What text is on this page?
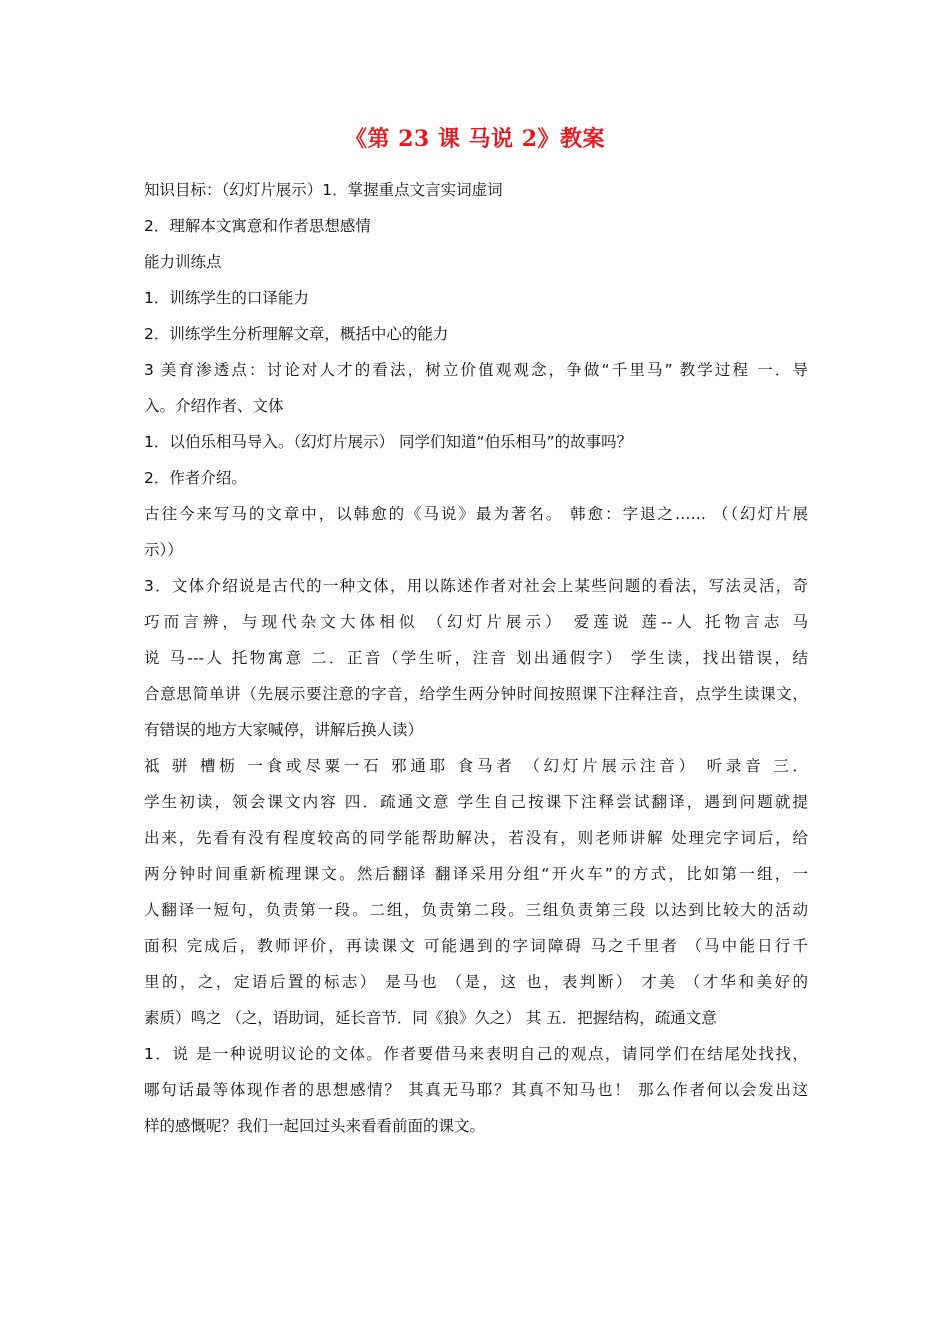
《第 23 课 马说 2》教案
知识目标：（幻灯片展示）1．掌握重点文言实词虚词
2．理解本文寓意和作者思想感情
能力训练点
1．训练学生的口译能力
2．训练学生分析理解文章，概括中心的能力
3 美育渗透点：讨论对人才的看法，树立价值观观念，争做“千里马” 教学过程 一．导
入。介绍作者、文体
1．以伯乐相马导入。（幻灯片展示） 同学们知道“伯乐相马”的故事吗？
2．作者介绍。
古往今来写马的文章中，以韩愈的《马说》最为著名。 韩愈：字退之…… （（幻灯片展
示））
3．文体介绍说是古代的一种文体，用以陈述作者对社会上某些问题的看法，写法灵活，奇
巧而言辨，与现代杂文大体相似 （幻灯片展示） 爱莲说 莲--人 托物言志 马
说 马---人 托物寓意 二．正音（学生听，注音 划出通假字） 学生读，找出错误，结
合意思简单讲（先展示要注意的字音，给学生两分钟时间按照课下注释注音，点学生读课文，
有错误的地方大家喊停，讲解后换人读）
祗 骈 槽枥 一食或尽粟一石 邪通耶 食马者 （幻灯片展示注音） 听录音 三．
学生初读，领会课文内容 四．疏通文意 学生自己按课下注释尝试翻译，遇到问题就提
出来，先看有没有程度较高的同学能帮助解决，若没有，则老师讲解 处理完字词后，给
两分钟时间重新梳理课文。然后翻译 翻译采用分组“开火车”的方式，比如第一组，一
人翻译一短句，负责第一段。二组，负责第二段。三组负责第三段 以达到比较大的活动
面积 完成后，教师评价，再读课文 可能遇到的字词障碍 马之千里者 （马中能日行千
里的，之，定语后置的标志） 是马也 （是，这 也，表判断） 才美 （才华和美好的
素质）鸣之 （之，语助词，延长音节．同《狼》久之） 其 五．把握结构，疏通文意
1．说 是一种说明议论的文体。作者要借马来表明自己的观点，请同学们在结尾处找找，
哪句话最等体现作者的思想感情？ 其真无马耶？其真不知马也！ 那么作者何以会发出这
样的感慨呢？我们一起回过头来看看前面的课文。
